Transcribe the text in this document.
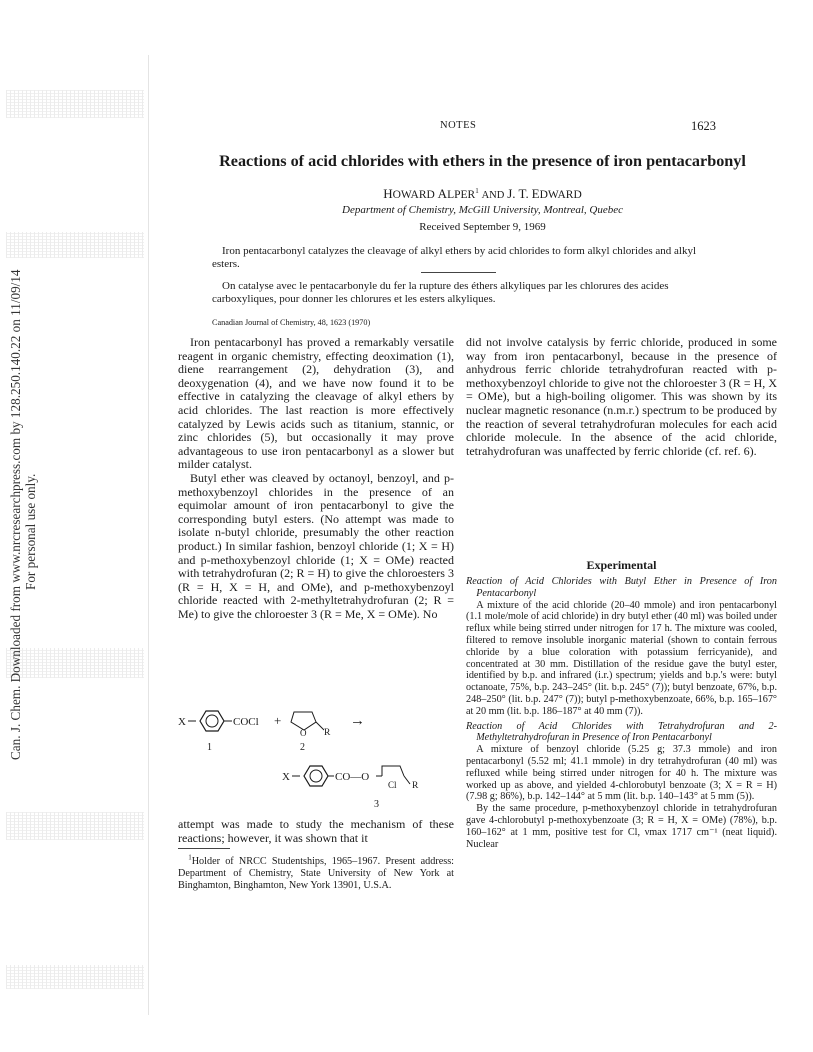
Can. J. Chem. Downloaded from www.nrcresearchpress.com by 128.250.140.22 on 11/09/14 For personal use only.
NOTES	1623
Reactions of acid chlorides with ethers in the presence of iron pentacarbonyl
HOWARD ALPER$^1$ AND J. T. EDWARD
Department of Chemistry, McGill University, Montreal, Quebec
Received September 9, 1969
Iron pentacarbonyl catalyzes the cleavage of alkyl ethers by acid chlorides to form alkyl chlorides and alkyl esters.
On catalyse avec le pentacarbonyle du fer la rupture des éthers alkyliques par les chlorures des acides carboxyliques, pour donner les chlorures et les esters alkyliques.
Canadian Journal of Chemistry, 48, 1623 (1970)

Iron pentacarbonyl has proved a remarkably versatile reagent in organic chemistry, effecting deoximation (1), diene rearrangement (2), dehydration (3), and deoxygenation (4), and we have now found it to be effective in catalyzing the cleavage of alkyl ethers by acid chlorides. The last reaction is more effectively catalyzed by Lewis acids such as titanium, stannic, or zinc chlorides (5), but occasionally it may prove advantageous to use iron pentacarbonyl as a slower but milder catalyst.

Butyl ether was cleaved by octanoyl, benzoyl, and p-methoxybenzoyl chlorides in the presence of an equimolar amount of iron pentacarbonyl to give the corresponding butyl esters. (No attempt was made to isolate n-butyl chloride, presumably the other reaction product.) In similar fashion, benzoyl chloride (1; X = H) and p-methoxybenzoyl chloride (1; X = OMe) reacted with tetrahydrofuran (2; R = H) to give the chloroesters 3 (R = H, X = H, and OMe), and p-methoxybenzoyl chloride reacted with 2-methyltetrahydrofuran (2; R = Me) to give the chloroester 3 (R = Me, X = OMe). No

X	COCl +
O R
→
1	2
X	CO—O
Cl R
3

attempt was made to study the mechanism of these reactions; however, it was shown that it

$^1$Holder of NRCC Studentships, 1965–1967. Present address: Department of Chemistry, State University of New York at Binghamton, Binghamton, New York 13901, U.S.A.

did not involve catalysis by ferric chloride, produced in some way from iron pentacarbonyl, because in the presence of anhydrous ferric chloride tetrahydrofuran reacted with p-methoxybenzoyl chloride to give not the chloroester 3 (R = H, X = OMe), but a high-boiling oligomer. This was shown by its nuclear magnetic resonance (n.m.r.) spectrum to be produced by the reaction of several tetrahydrofuran molecules for each acid chloride molecule. In the absence of the acid chloride, tetrahydrofuran was unaffected by ferric chloride (cf. ref. 6).

Experimental

Reaction of Acid Chlorides with Butyl Ether in Presence of Iron Pentacarbonyl

A mixture of the acid chloride (20–40 mmole) and iron pentacarbonyl (1.1 mole/mole of acid chloride) in dry butyl ether (40 ml) was boiled under reflux while being stirred under nitrogen for 17 h. The mixture was cooled, filtered to remove insoluble inorganic material (shown to contain ferrous chloride by a blue coloration with potassium ferricyanide), and concentrated at 30 mm. Distillation of the residue gave the butyl ester, identified by b.p. and infrared (i.r.) spectrum; yields and b.p.'s were: butyl octanoate, 75%, b.p. 243–245° (lit. b.p. 245° (7)); butyl benzoate, 67%, b.p. 248–250° (lit. b.p. 247° (7)); butyl p-methoxybenzoate, 66%, b.p. 165–167° at 20 mm (lit. b.p. 186–187° at 40 mm (7)).

Reaction of Acid Chlorides with Tetrahydrofuran and 2-Methyltetrahydrofuran in Presence of Iron Pentacarbonyl

A mixture of benzoyl chloride (5.25 g; 37.3 mmole) and iron pentacarbonyl (5.52 ml; 41.1 mmole) in dry tetrahydrofuran (40 ml) was refluxed while being stirred under nitrogen for 40 h. The mixture was worked up as above, and yielded 4-chlorobutyl benzoate (3; X = R = H) (7.98 g; 86%), b.p. 142–144° at 5 mm (lit. b.p. 140–143° at 5 mm (5)).

By the same procedure, p-methoxybenzoyl chloride in tetrahydrofuran gave 4-chlorobutyl p-methoxybenzoate (3; R = H, X = OMe) (78%), b.p. 160–162° at 1 mm, positive test for Cl, νmax 1717 cm⁻¹ (neat liquid). Nuclear
